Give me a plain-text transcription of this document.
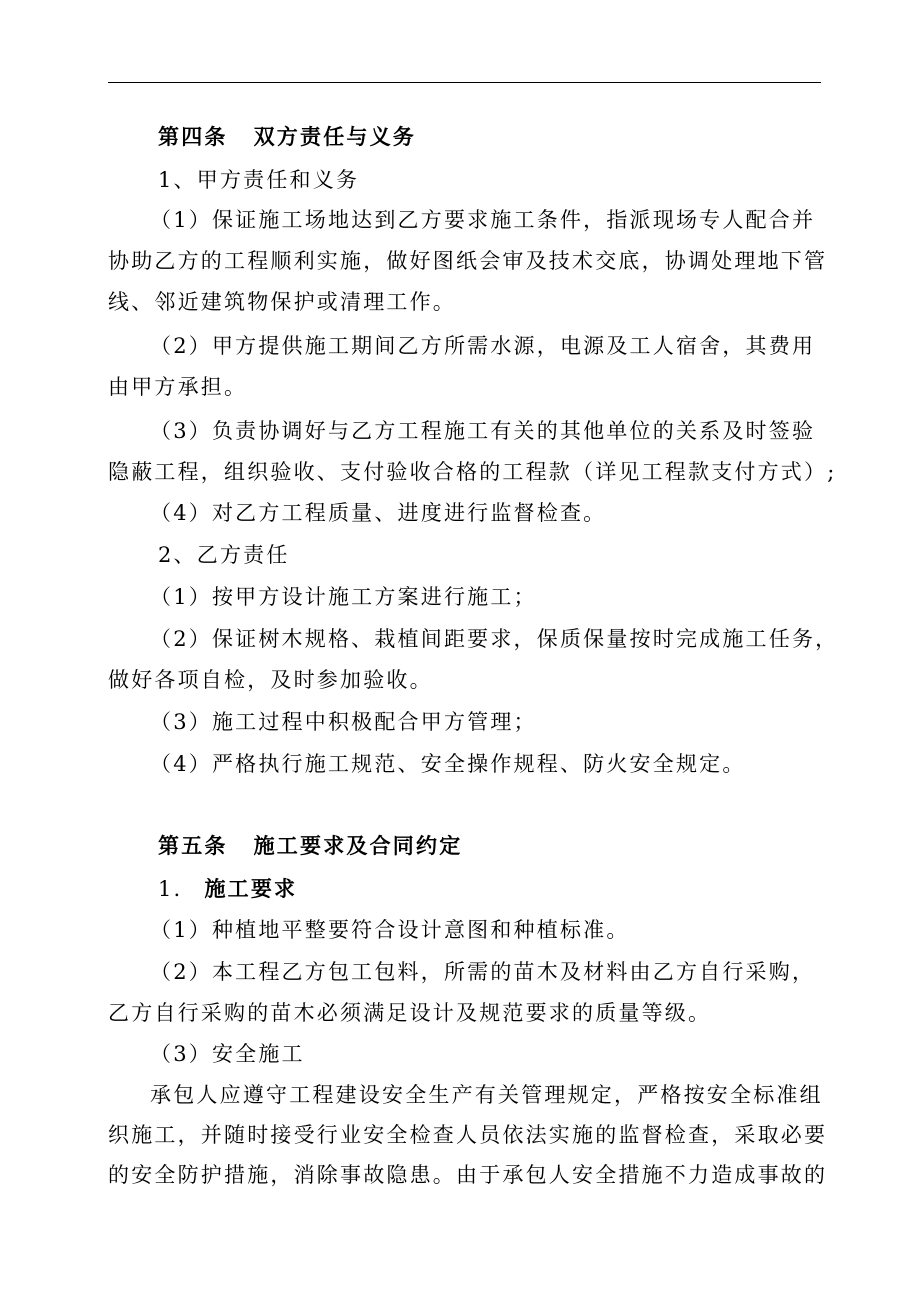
第四条 双方责任与义务
1、甲方责任和义务
（1）保证施工场地达到乙方要求施工条件，指派现场专人配合并
协助乙方的工程顺利实施，做好图纸会审及技术交底，协调处理地下管
线、邻近建筑物保护或清理工作。
（2）甲方提供施工期间乙方所需水源，电源及工人宿舍，其费用
由甲方承担。
（3）负责协调好与乙方工程施工有关的其他单位的关系及时签验
隐蔽工程，组织验收、支付验收合格的工程款（详见工程款支付方式）;
（4）对乙方工程质量、进度进行监督检查。
2、乙方责任
（1）按甲方设计施工方案进行施工；
（2）保证树木规格、栽植间距要求，保质保量按时完成施工任务，
做好各项自检，及时参加验收。
（3）施工过程中积极配合甲方管理；
（4）严格执行施工规范、安全操作规程、防火安全规定。
第五条 施工要求及合同约定
1. 施工要求
（1）种植地平整要符合设计意图和种植标准。
（2）本工程乙方包工包料，所需的苗木及材料由乙方自行采购，
乙方自行采购的苗木必须满足设计及规范要求的质量等级。
（3）安全施工
承包人应遵守工程建设安全生产有关管理规定，严格按安全标准组
织施工，并随时接受行业安全检查人员依法实施的监督检查，采取必要
的安全防护措施，消除事故隐患。由于承包人安全措施不力造成事故的
